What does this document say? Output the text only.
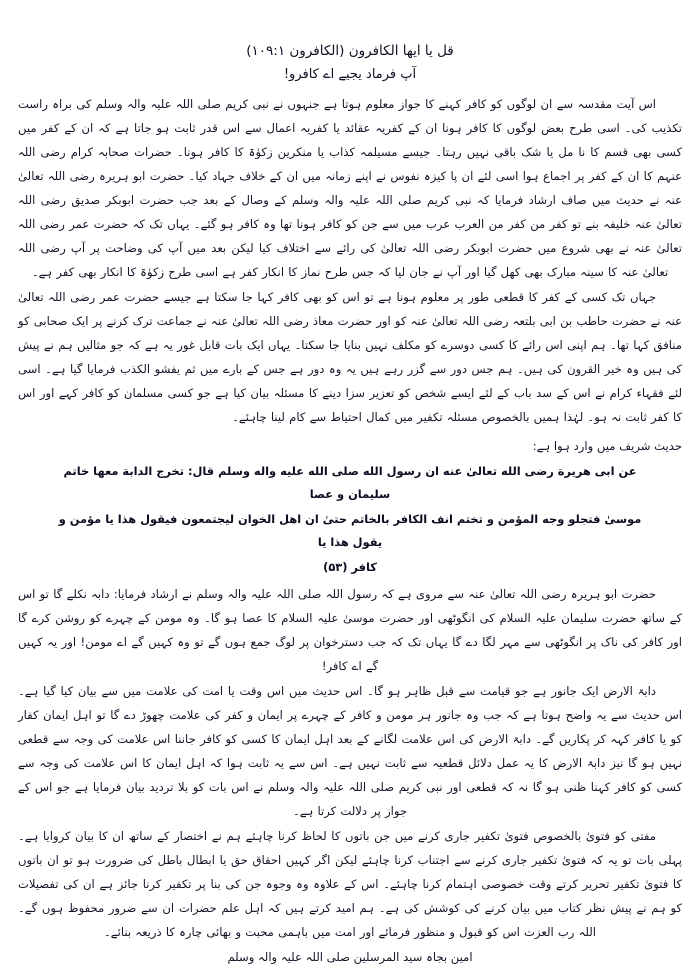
قل يا ايها الكافرون (الكافرون ١٠٩:١)
آپ فرماد یجیے اے کافرو!

اس آیت مقدسہ سے ان لوگوں کو کافر کہنے کا جواز معلوم ہوتا ہے جنہوں نے نبی کریم صلی اللہ علیہ والہ وسلم کی براہ راست تکذیب کی۔ اسی طرح بعض لوگوں کا کافر ہونا ان کے کفریہ عقائد یا کفریہ اعمال سے اس قدر ثابت ہو جاتا ہے کہ ان کے کفر میں کسی بھی قسم کا نا مل یا شک باقی نہیں رہتا۔ جیسے مسیلمہ کذاب یا منکرین زکوٰۃ کا کافر ہونا۔ حضرات صحابہ کرام رضی اللہ عنہم کا ان کے کفر پر اجماع ہوا اسی لئے ان پا کیزہ نفوس نے اپنے زمانہ میں ان کے خلاف جہاد کیا۔ حضرت ابو ہریرہ رضی اللہ تعالیٰ عنہ نے حدیث میں صاف ارشاد فرمایا کہ نبی کریم صلی اللہ علیہ والہ وسلم کے وصال کے بعد جب حضرت ابوبکر صدیق رضی اللہ تعالیٰ عنہ خلیفہ بنے تو کفر من کفر من العرب عرب میں سے جن کو کافر ہونا تھا وہ کافر ہو گئے۔ یہاں تک کہ حضرت عمر رضی اللہ تعالیٰ عنہ نے بھی شروع میں حضرت ابوبکر رضی اللہ تعالیٰ کی رائے سے اختلاف کیا لیکن بعد میں آپ کی وضاحت پر آپ رضی اللہ تعالیٰ عنہ کا سینہ مبارک بھی کھل گیا اور آپ نے جان لیا کہ جس طرح نماز کا انکار کفر ہے اسی طرح زکوٰۃ کا انکار بھی کفر ہے۔

جہاں تک کسی کے کفر کا قطعی طور پر معلوم ہونا ہے تو اس کو بھی کافر کہا جا سکتا ہے جیسے حضرت عمر رضی اللہ تعالیٰ عنہ نے حضرت حاطب بن ابی بلتعہ رضی اللہ تعالیٰ عنہ کو اور حضرت معاذ رضی اللہ تعالیٰ عنہ نے جماعت ترک کرنے پر ایک صحابی کو منافق کہا تھا۔ ہم اپنی اس رائے کا کسی دوسرے کو مکلف نہیں بنایا جا سکتا۔ یہاں ایک بات قابل غور یہ ہے کہ جو مثالیں ہم نے پیش کی ہیں وہ خیر القرون کی ہیں۔ ہم جس دور سے گزر رہے ہیں یہ وہ دور ہے جس کے بارے میں ثم یفشو الکذب فرمایا گیا ہے۔ اسی لئے فقہاء کرام نے اس کے سد باب کے لئے ایسے شخص کو تعزیر سزا دینے کا مسئلہ بیان کیا ہے جو کسی مسلمان کو کافر کہے اور اس کا کفر ثابت نہ ہو۔ لہٰذا ہمیں بالخصوص مسئلہ تکفیر میں کمال احتیاط سے کام لینا چاہئے۔

حدیث شریف میں وارد ہوا ہے:
عن ابی هريرة رضی الله تعالیٰ عنه ان رسول الله صلی الله عليه واله وسلم قال: تخرج الدابة معها خاتم سليمان و عصا
موسیٰ فتجلو وجه المؤمن و تختم انف الكافر بالخاتم حتیٰ ان اهل الخوان لیجتمعون فیقول هذا یا مؤمن و یقول هذا یا
كافر (۵۳)

حضرت ابو ہریرہ رضی اللہ تعالیٰ عنہ سے مروی ہے کہ رسول اللہ صلی اللہ علیہ والہ وسلم نے ارشاد فرمایا: دابہ نکلے گا تو اس کے ساتھ حضرت سلیمان علیہ السلام کی انگوٹھی اور حضرت موسیٰ علیہ السلام کا عصا ہو گا۔ وہ مومن کے چہرے کو روشن کرے گا اور کافر کی ناک پر انگوٹھی سے مہر لگا دے گا یہاں تک کہ جب دسترخوان پر لوگ جمع ہوں گے تو وہ کہیں گے اے مومن! اور یہ کہیں گے اے کافر!

دابۃ الارض ایک جانور ہے جو قیامت سے قبل ظاہر ہو گا۔ اس حدیث میں اس وقت یا امت کی علامت میں سے بیان کیا گیا ہے۔ اس حدیث سے یہ واضح ہوتا ہے کہ جب وہ جانور ہر مومن و کافر کے چہرے پر ایمان و کفر کی علامت چھوڑ دے گا تو اہل ایمان کفار کو یا کافر کہہ کر پکاریں گے۔ دابۃ الارض کی اس علامت لگانے کے بعد اہل ایمان کا کسی کو کافر جاننا اس علامت کی وجہ سے قطعی نہیں ہو گا نیز دابۃ الارض کا یہ عمل دلائل قطعیہ سے ثابت نہیں ہے۔ اس سے یہ ثابت ہوا کہ اہل ایمان کا اس علامت کی وجہ سے کسی کو کافر کہنا ظنی ہو گا نہ کہ قطعی اور نبی کریم صلی اللہ علیہ والہ وسلم نے اس بات کو بلا تردید بیان فرمایا ہے جو اس کے جواز پر دلالت کرتا ہے۔

مفتی کو فتویٰ بالخصوص فتویٰ تکفیر جاری کرنے میں جن باتوں کا لحاظ کرنا چاہئے ہم نے اختصار کے ساتھ ان کا بیان کروایا ہے۔ پہلی بات تو یہ کہ فتویٰ تکفیر جاری کرنے سے اجتناب کرنا چاہئے لیکن اگر کہیں احقاق حق یا ابطال باطل کی ضرورت ہو تو ان باتوں کا فتویٰ تکفیر تحریر کرتے وقت خصوصی اہتمام کرنا چاہئے۔ اس کے علاوہ وہ وجوہ جن کی بنا پر تکفیر کرنا جائز ہے ان کی تفصیلات کو ہم نے پیش نظر کتاب میں بیان کرنے کی کوشش کی ہے۔ ہم امید کرتے ہیں کہ اہل علم حضرات ان سے ضرور محفوظ ہوں گے۔ اللہ رب العزت اس کو قبول و منظور فرمائے اور امت میں باہمی محبت و بھائی چارہ کا ذریعہ بنائے۔

امین بجاہ سید المرسلین صلی اللہ علیہ والہ وسلم
